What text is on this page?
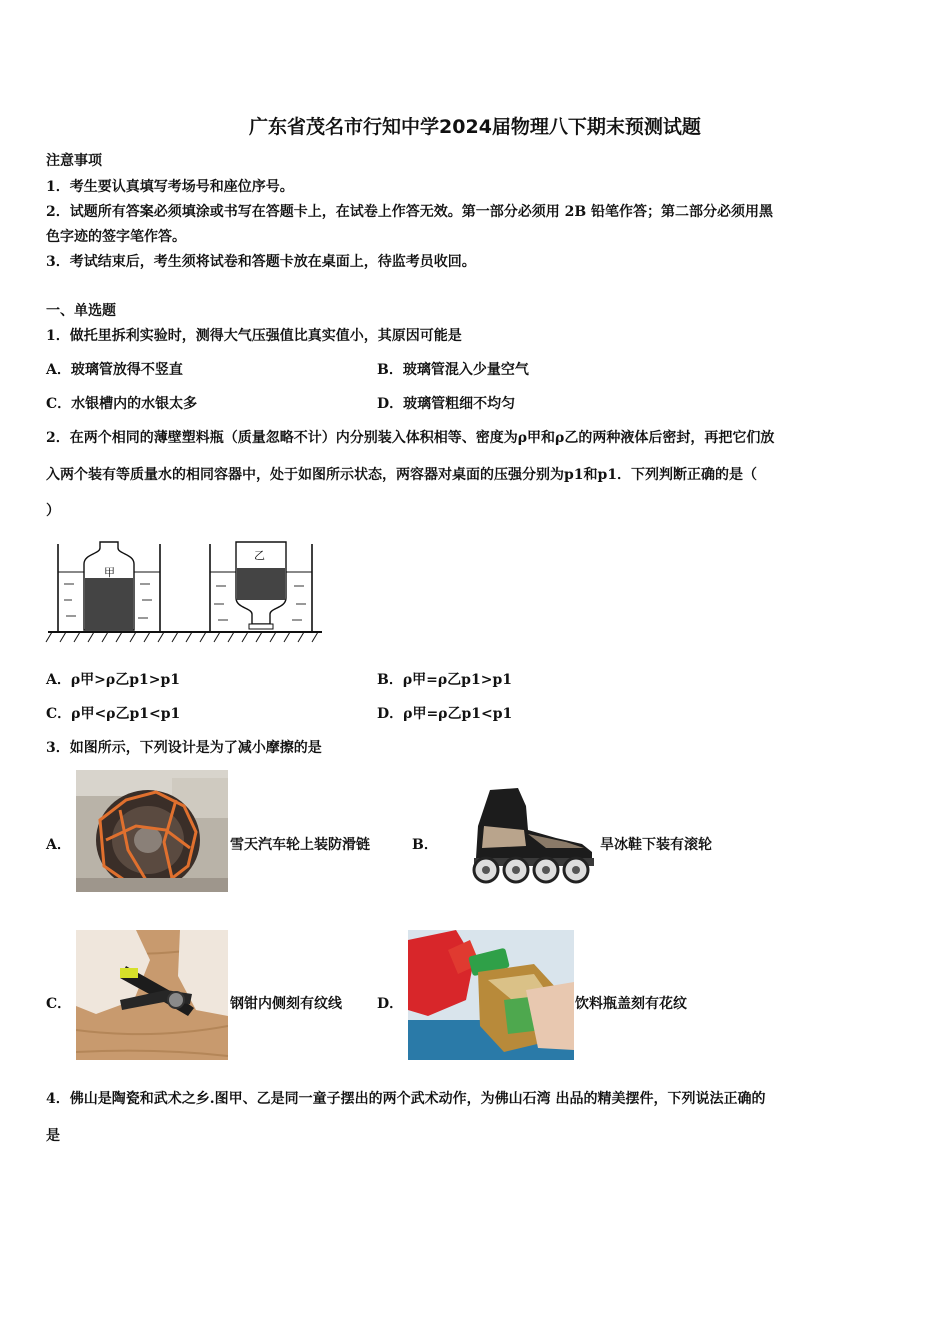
广东省茂名市行知中学2024届物理八下期末预测试题
注意事项
1．考生要认真填写考场号和座位序号。
2．试题所有答案必须填涂或书写在答题卡上，在试卷上作答无效。第一部分必须用 2B 铅笔作答；第二部分必须用黑
色字迹的签字笔作答。
3．考试结束后，考生须将试卷和答题卡放在桌面上，待监考员收回。
一、单选题
1．做托里拆利实验时，测得大气压强值比真实值小，其原因可能是
A．玻璃管放得不竖直	B．玻璃管混入少量空气
C．水银槽内的水银太多	D．玻璃管粗细不均匀
2．在两个相同的薄壁塑料瓶（质量忽略不计）内分别装入体积相等、密度为ρ甲和ρ乙的两种液体后密封，再把它们放
入两个装有等质量水的相同容器中，处于如图所示状态，两容器对桌面的压强分别为p1和p1．下列判断正确的是（
）
甲
乙
A．ρ甲>ρ乙p1>p1	B．ρ甲=ρ乙p1>p1
C．ρ甲<ρ乙p1<p1	D．ρ甲=ρ乙p1<p1
3．如图所示，下列设计是为了减小摩擦的是
A．	雪天汽车轮上装防滑链	B．	旱冰鞋下装有滚轮
C．	钢钳内侧刻有纹线	D．	饮料瓶盖刻有花纹
4．佛山是陶瓷和武术之乡.图甲、乙是同一童子摆出的两个武术动作，为佛山石湾 出品的精美摆件，下列说法正确的
是
